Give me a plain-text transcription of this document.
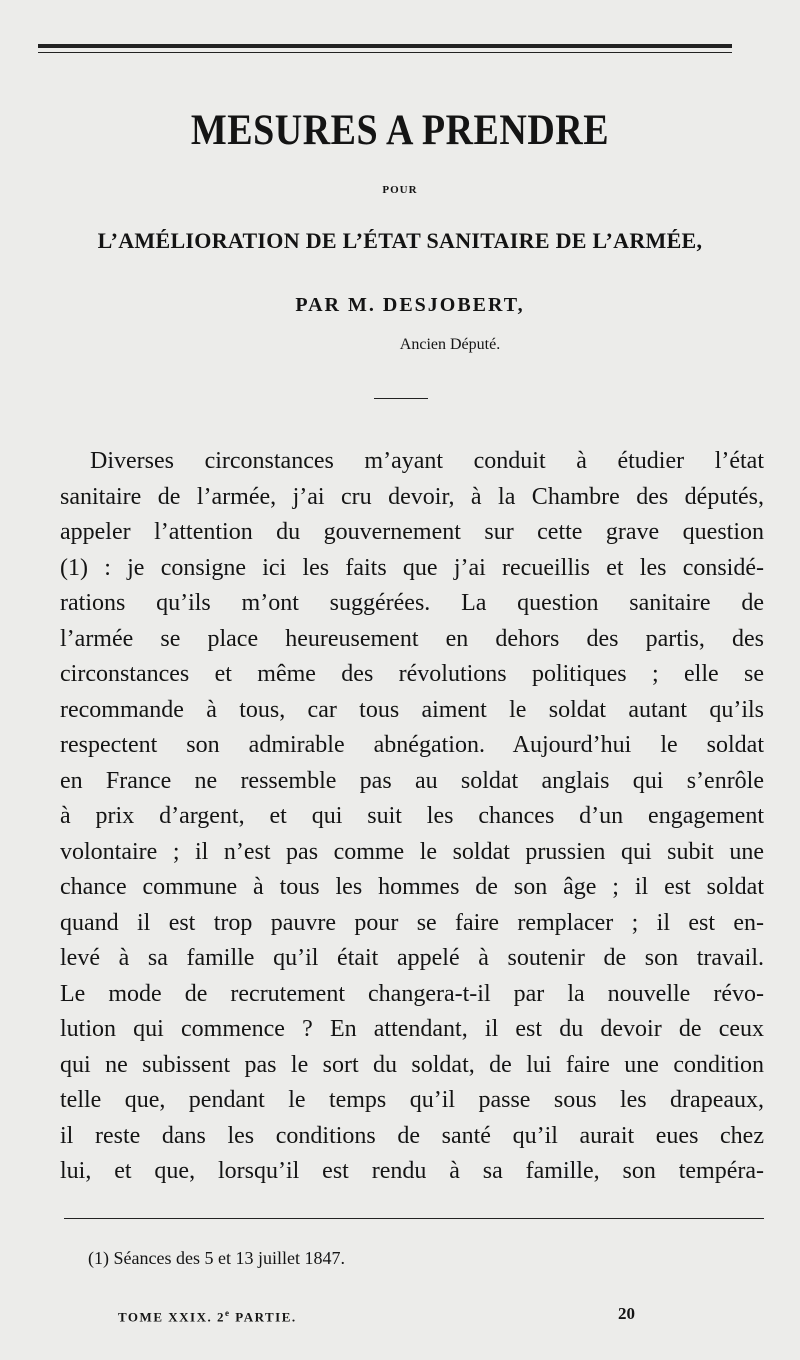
MESURES A PRENDRE
POUR
L’AMÉLIORATION DE L’ÉTAT SANITAIRE DE L’ARMÉE,
PAR M. DESJOBERT,
Ancien Député.
Diverses circonstances m’ayant conduit à étudier l’état
sanitaire de l’armée, j’ai cru devoir, à la Chambre des députés,
appeler l’attention du gouvernement sur cette grave question
(1) : je consigne ici les faits que j’ai recueillis et les considé-
rations qu’ils m’ont suggérées. La question sanitaire de
l’armée se place heureusement en dehors des partis, des
circonstances et même des révolutions politiques ; elle se
recommande à tous, car tous aiment le soldat autant qu’ils
respectent son admirable abnégation. Aujourd’hui le soldat
en France ne ressemble pas au soldat anglais qui s’enrôle
à prix d’argent, et qui suit les chances d’un engagement
volontaire ; il n’est pas comme le soldat prussien qui subit une
chance commune à tous les hommes de son âge ; il est soldat
quand il est trop pauvre pour se faire remplacer ; il est en-
levé à sa famille qu’il était appelé à soutenir de son travail.
Le mode de recrutement changera-t-il par la nouvelle révo-
lution qui commence ? En attendant, il est du devoir de ceux
qui ne subissent pas le sort du soldat, de lui faire une condition
telle que, pendant le temps qu’il passe sous les drapeaux,
il reste dans les conditions de santé qu’il aurait eues chez
lui, et que, lorsqu’il est rendu à sa famille, son tempéra-
(1) Séances des 5 et 13 juillet 1847.
TOME XXIX. 2e PARTIE.	20
